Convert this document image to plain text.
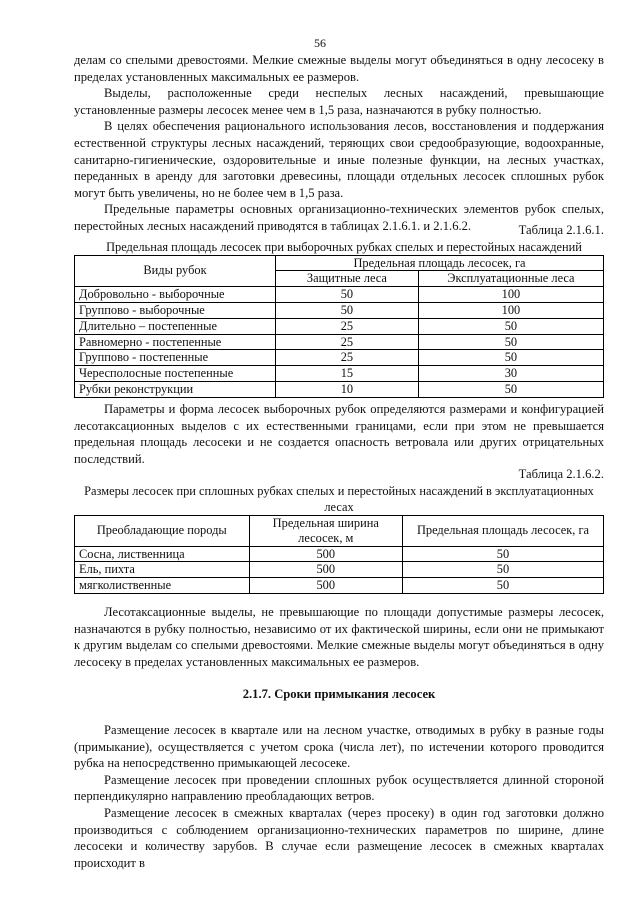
56

делам со спелыми древостоями. Мелкие смежные выделы могут объединяться в одну лесосеку в пределах установленных максимальных ее размеров.

Выделы, расположенные среди неспелых лесных насаждений, превышающие установленные размеры лесосек менее чем в 1,5 раза, назначаются в рубку полностью.

В целях обеспечения рационального использования лесов, восстановления и поддержания естественной структуры лесных насаждений, теряющих свои средообразующие, водоохранные, санитарно-гигиенические, оздоровительные и иные полезные функции, на лесных участках, переданных в аренду для заготовки древесины, площади отдельных лесосек сплошных рубок могут быть увеличены, но не более чем в 1,5 раза.

Предельные параметры основных организационно-технических элементов рубок спелых, перестойных лесных насаждений приводятся в таблицах 2.1.6.1. и 2.1.6.2.	Таблица 2.1.6.1.
Предельная площадь лесосек при выборочных рубках спелых и перестойных насаждений
Виды рубок	Предельная площадь лесосек, га	
	Защитные леса	Эксплуатационные леса
Добровольно - выборочные	50	100
Группово - выборочные	50	100
Длительно – постепенные	25	50
Равномерно - постепенные	25	50
Группово - постепенные	25	50
Чересполосные постепенные	15	30
Рубки реконструкции	10	50

Параметры и форма лесосек выборочных рубок определяются размерами и конфигурацией лесотаксационных выделов с их естественными границами, если при этом не превышается предельная площадь лесосеки и не создается опасность ветровала или других отрицательных последствий.

Таблица 2.1.6.2.
Размеры лесосек при сплошных рубках спелых и перестойных насаждений в эксплуатационных лесах
Преобладающие породы	Предельная ширина лесосек, м	Предельная площадь лесосек, га
Сосна, лиственница	500	50
Ель, пихта	500	50
мягколиственные	500	50

Лесотаксационные выделы, не превышающие по площади допустимые размеры лесосек, назначаются в рубку полностью, независимо от их фактической ширины, если они не примыкают к другим выделам со спелыми древостоями. Мелкие смежные выделы могут объединяться в одну лесосеку в пределах установленных максимальных ее размеров.

2.1.7. Сроки примыкания лесосек

Размещение лесосек в квартале или на лесном участке, отводимых в рубку в разные годы (примыкание), осуществляется с учетом срока (числа лет), по истечении которого проводится рубка на непосредственно примыкающей лесосеке.

Размещение лесосек при проведении сплошных рубок осуществляется длинной стороной перпендикулярно направлению преобладающих ветров.

Размещение лесосек в смежных кварталах (через просеку) в один год заготовки должно производиться с соблюдением организационно-технических параметров по ширине, длине лесосеки и количеству зарубов. В случае если размещение лесосек в смежных кварталах происходит в
